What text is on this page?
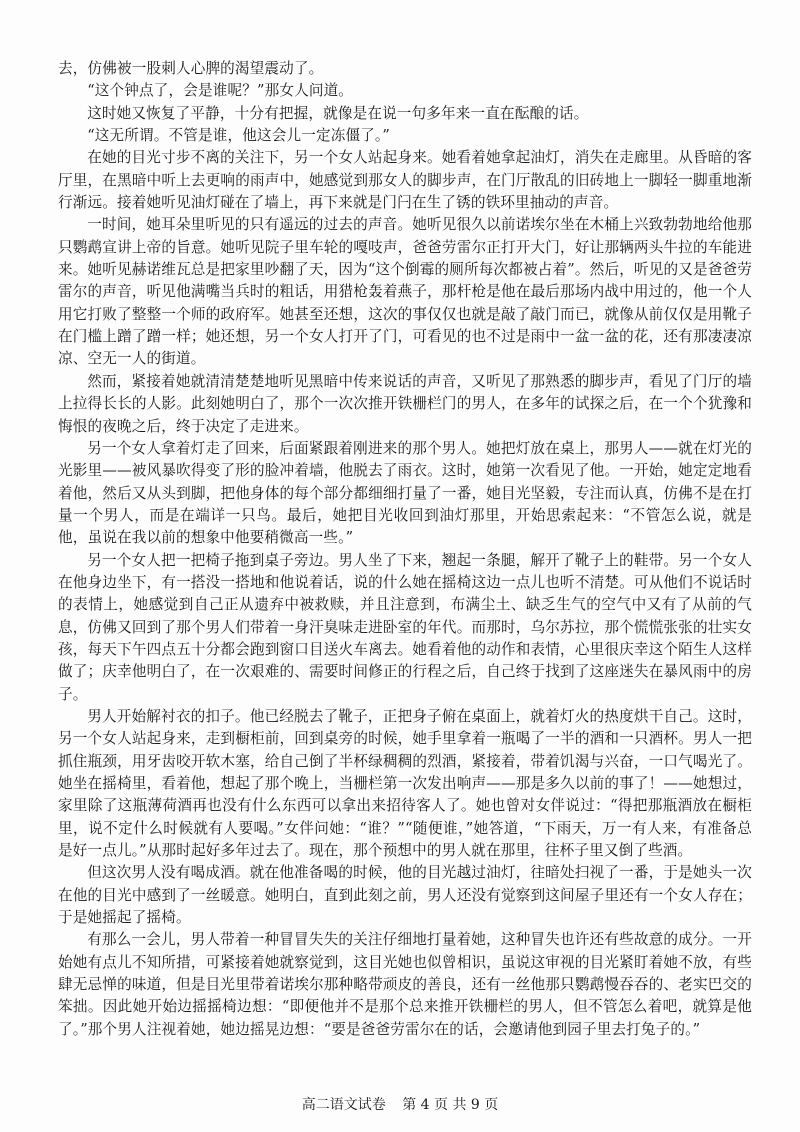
去，仿佛被一股刺人心脾的渴望震动了。

“这个钟点了，会是谁呢？”那女人问道。

这时她又恢复了平静，十分有把握，就像是在说一句多年来一直在酝酿的话。

“这无所谓。不管是谁，他这会儿一定冻僵了。”

在她的目光寸步不离的关注下，另一个女人站起身来。她看着她拿起油灯，消失在走廊里。从昏暗的客厅里，在黑暗中听上去更响的雨声中，她感觉到那女人的脚步声，在门厅散乱的旧砖地上一脚轻一脚重地渐行渐远。接着她听见油灯碰在了墙上，再下来就是门闩在生了锈的铁环里抽动的声音。

一时间，她耳朵里听见的只有遥远的过去的声音。她听见很久以前诺埃尔坐在木桶上兴致勃勃地给他那只鹦鹉宣讲上帝的旨意。她听见院子里车轮的嘎吱声，爸爸劳雷尔正打开大门，好让那辆两头牛拉的车能进来。她听见赫诺维瓦总是把家里吵翻了天，因为“这个倒霉的厕所每次都被占着”。然后，听见的又是爸爸劳雷尔的声音，听见他满嘴当兵时的粗话，用猎枪轰着燕子，那杆枪是他在最后那场内战中用过的，他一个人用它打败了整整一个师的政府军。她甚至还想，这次的事仅仅也就是敲了敲门而已，就像从前仅仅是用靴子在门槛上蹭了蹭一样；她还想，另一个女人打开了门，可看见的也不过是雨中一盆一盆的花，还有那凄凄凉凉、空无一人的街道。

然而，紧接着她就清清楚楚地听见黑暗中传来说话的声音，又听见了那熟悉的脚步声，看见了门厅的墙上拉得长长的人影。此刻她明白了，那个一次次推开铁栅栏门的男人，在多年的试探之后，在一个个犹豫和悔恨的夜晚之后，终于决定了走进来。

另一个女人拿着灯走了回来，后面紧跟着刚进来的那个男人。她把灯放在桌上，那男人——就在灯光的光影里——被风暴吹得变了形的脸冲着墙，他脱去了雨衣。这时，她第一次看见了他。一开始，她定定地看着他，然后又从头到脚，把他身体的每个部分都细细打量了一番，她目光坚毅，专注而认真，仿佛不是在打量一个男人，而是在端详一只鸟。最后，她把目光收回到油灯那里，开始思索起来：“不管怎么说，就是他，虽说在我以前的想象中他要稍微高一些。”

另一个女人把一把椅子拖到桌子旁边。男人坐了下来，翘起一条腿，解开了靴子上的鞋带。另一个女人在他身边坐下，有一搭没一搭地和他说着话，说的什么她在摇椅这边一点儿也听不清楚。可从他们不说话时的表情上，她感觉到自己正从遗弃中被救赎，并且注意到，布满尘土、缺乏生气的空气中又有了从前的气息，仿佛又回到了那个男人们带着一身汗臭味走进卧室的年代。而那时，乌尔苏拉，那个慌慌张张的壮实女孩，每天下午四点五十分都会跑到窗口目送火车离去。她看着他的动作和表情，心里很庆幸这个陌生人这样做了；庆幸他明白了，在一次艰难的、需要时间修正的行程之后，自己终于找到了这座迷失在暴风雨中的房子。

男人开始解衬衣的扣子。他已经脱去了靴子，正把身子俯在桌面上，就着灯火的热度烘干自己。这时，另一个女人站起身来，走到橱柜前，回到桌旁的时候，她手里拿着一瓶喝了一半的酒和一只酒杯。男人一把抓住瓶颈，用牙齿咬开软木塞，给自己倒了半杯绿稠稠的烈酒，紧接着，带着饥渴与兴奋，一口气喝光了。她坐在摇椅里，看着他，想起了那个晚上，当栅栏第一次发出响声——那是多久以前的事了！——她想过，家里除了这瓶薄荷酒再也没有什么东西可以拿出来招待客人了。她也曾对女伴说过：“得把那瓶酒放在橱柜里，说不定什么时候就有人要喝。”女伴问她：“谁？”“随便谁，”她答道，“下雨天，万一有人来，有准备总是好一点儿。”从那时起好多年过去了。现在，那个预想中的男人就在那里，往杯子里又倒了些酒。

但这次男人没有喝成酒。就在他准备喝的时候，他的目光越过油灯，往暗处扫视了一番，于是她头一次在他的目光中感到了一丝暖意。她明白，直到此刻之前，男人还没有觉察到这间屋子里还有一个女人存在；于是她摇起了摇椅。

有那么一会儿，男人带着一种冒冒失失的关注仔细地打量着她，这种冒失也许还有些故意的成分。一开始她有点儿不知所措，可紧接着她就察觉到，这目光她也似曾相识，虽说这审视的目光紧盯着她不放，有些肆无忌惮的味道，但是目光里带着诺埃尔那种略带顽皮的善良，还有一丝他那只鹦鹉慢吞吞的、老实巴交的笨拙。因此她开始边摇摇椅边想：“即便他并不是那个总来推开铁栅栏的男人，但不管怎么着吧，就算是他了。”那个男人注视着她，她边摇晃边想：“要是爸爸劳雷尔在的话，会邀请他到园子里去打兔子的。”

高二语文试卷 第 4 页 共 9 页
